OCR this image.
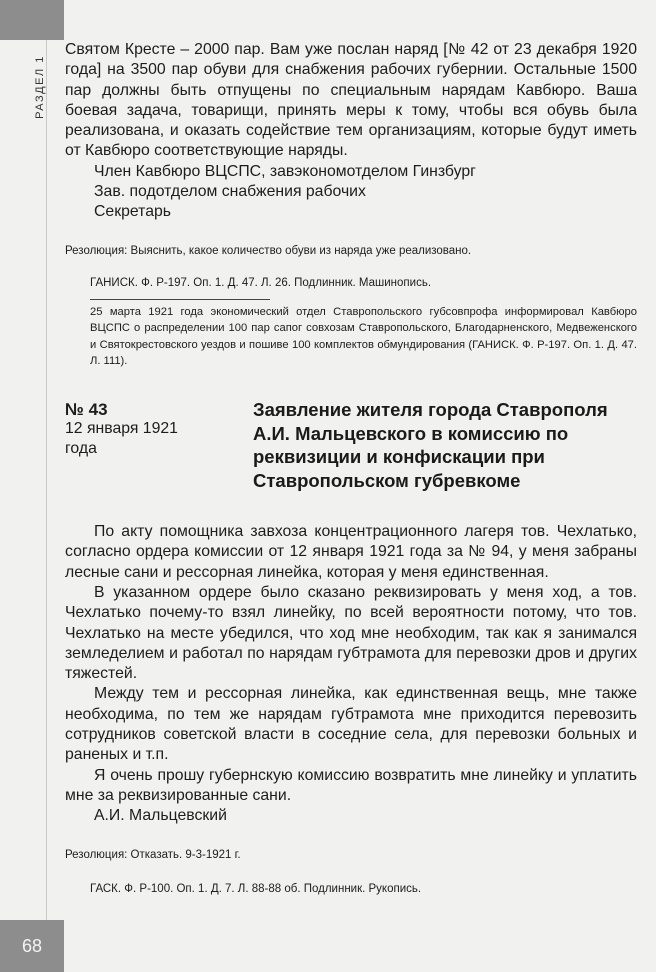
68
РАЗДЕЛ 1

Святом Кресте – 2000 пар. Вам уже послан наряд [№ 42 от 23 декабря 1920 года] на 3500 пар обуви для снабжения рабочих губернии. Остальные 1500 пар должны быть отпущены по специальным нарядам Кавбюро. Ваша боевая задача, товарищи, принять меры к тому, чтобы вся обувь была реализована, и оказать содействие тем организациям, которые будут иметь от Кавбюро соответствующие наряды.

Член Кавбюро ВЦСПС, завэкономотделом Гинзбург

Зав. подотделом снабжения рабочих

Секретарь

Резолюция: Выяснить, какое количество обуви из наряда уже реализовано.

ГАНИСК. Ф. Р-197. Оп. 1. Д. 47. Л. 26. Подлинник. Машинопись.

25 марта 1921 года экономический отдел Ставропольского губсовпрофа информировал Кавбюро ВЦСПС о распределении 100 пар сапог совхозам Ставропольского, Благодарненского, Медвеженского и Святокрестовского уездов и пошиве 100 комплектов обмундирования (ГАНИСК. Ф. Р-197. Оп. 1. Д. 47. Л. 111).

№ 43
12 января 1921 года
Заявление жителя города Ставрополя А.И. Мальцевского в комиссию по реквизиции и конфискации при Ставропольском губревкоме

По акту помощника завхоза концентрационного лагеря тов. Чехлатько, согласно ордера комиссии от 12 января 1921 года за № 94, у меня забраны лесные сани и рессорная линейка, которая у меня единственная.

В указанном ордере было сказано реквизировать у меня ход, а тов. Чехлатько почему-то взял линейку, по всей вероятности потому, что тов. Чехлатько на месте убедился, что ход мне необходим, так как я занимался земледелием и работал по нарядам губтрамота для перевозки дров и других тяжестей.

Между тем и рессорная линейка, как единственная вещь, мне также необходима, по тем же нарядам губтрамота мне приходится перевозить сотрудников советской власти в соседние села, для перевозки больных и раненых и т.п.

Я очень прошу губернскую комиссию возвратить мне линейку и уплатить мне за реквизированные сани.

А.И. Мальцевский

Резолюция: Отказать. 9-3-1921 г.

ГАСК. Ф. Р-100. Оп. 1. Д. 7. Л. 88-88 об. Подлинник. Рукопись.
